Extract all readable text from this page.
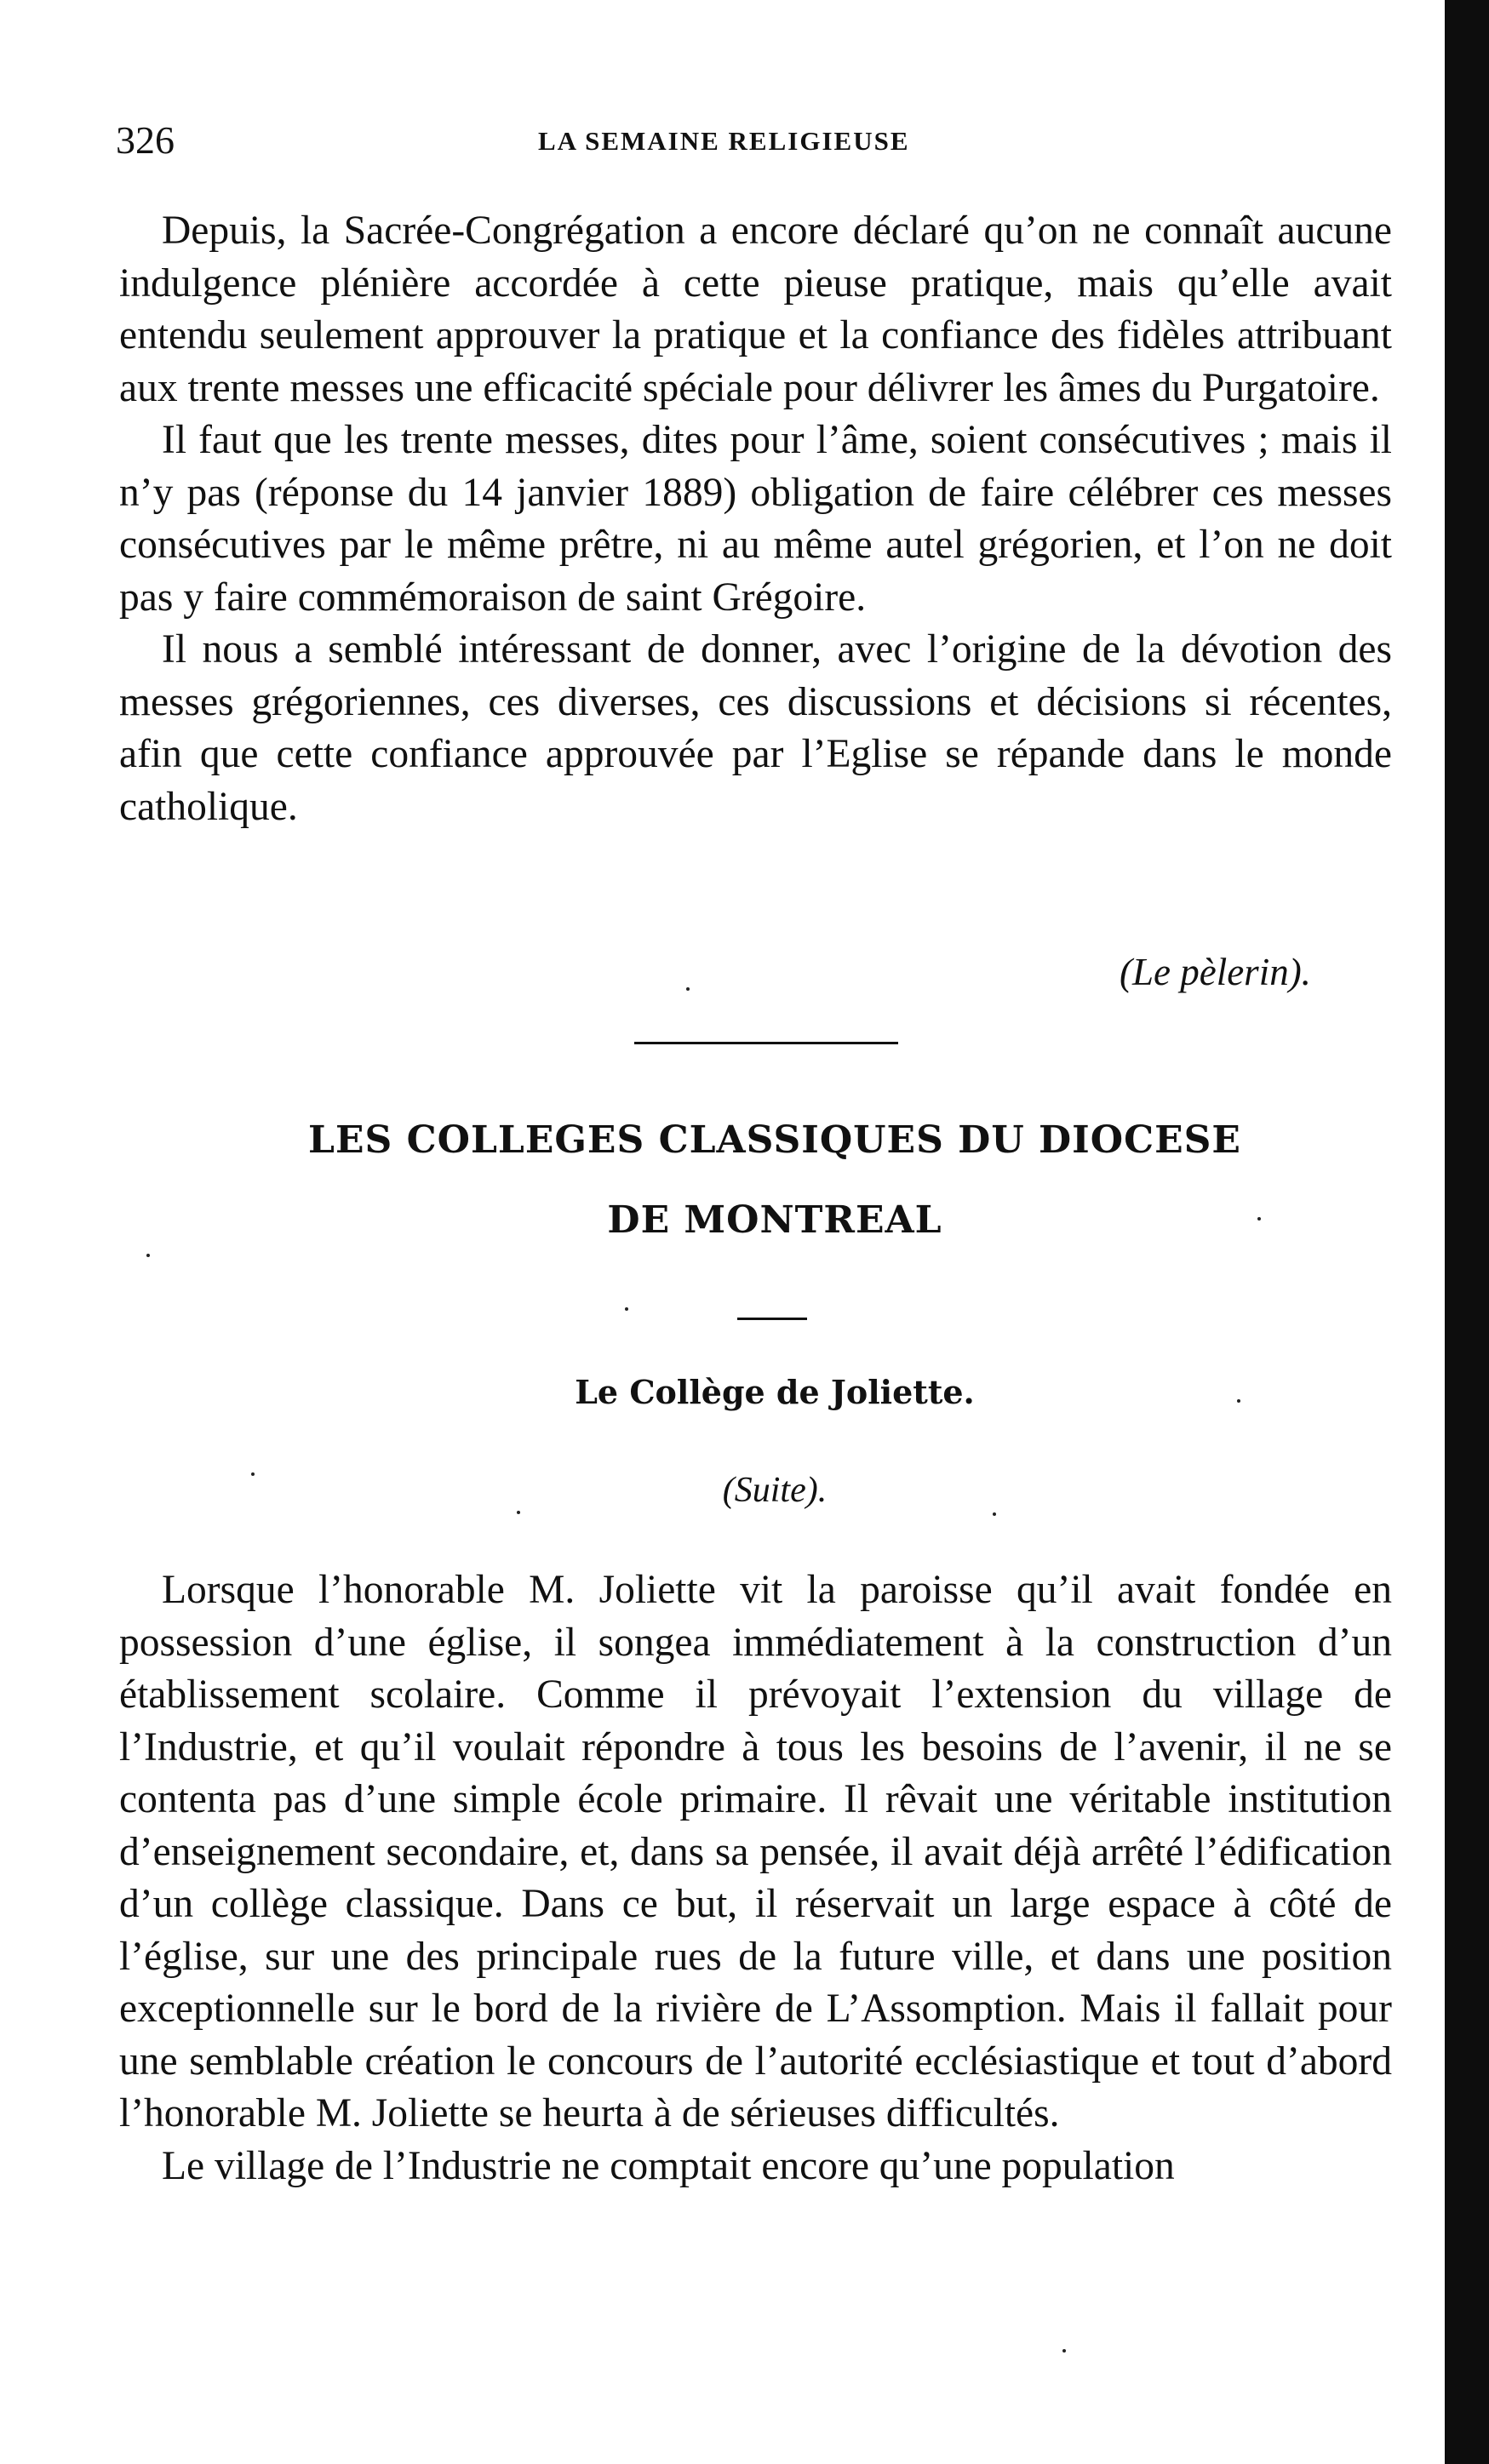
326	LA SEMAINE RELIGIEUSE

Depuis, la Sacrée-Congrégation a encore déclaré qu’on ne connaît aucune indulgence plénière accordée à cette pieuse pratique, mais qu’elle avait entendu seulement approuver la pratique et la confiance des fidèles attribuant aux trente messes une efficacité spéciale pour délivrer les âmes du Purgatoire.

Il faut que les trente messes, dites pour l’âme, soient consécutives ; mais il n’y pas (réponse du 14 janvier 1889) obligation de faire célébrer ces messes consécutives par le même prêtre, ni au même autel grégorien, et l’on ne doit pas y faire commémoraison de saint Grégoire.

Il nous a semblé intéressant de donner, avec l’origine de la dévotion des messes grégoriennes, ces diverses, ces discussions et décisions si récentes, afin que cette confiance approuvée par l’Eglise se répande dans le monde catholique.

(Le pèlerin).
LES COLLEGES CLASSIQUES DU DIOCESE
DE MONTREAL
Le Collège de Joliette.
(Suite).

Lorsque l’honorable M. Joliette vit la paroisse qu’il avait fondée en possession d’une église, il songea immédiatement à la construction d’un établissement scolaire. Comme il prévoyait l’extension du village de l’Industrie, et qu’il voulait répondre à tous les besoins de l’avenir, il ne se contenta pas d’une simple école primaire. Il rêvait une véritable institution d’enseignement secondaire, et, dans sa pensée, il avait déjà arrêté l’édification d’un collège classique. Dans ce but, il réservait un large espace à côté de l’église, sur une des principale rues de la future ville, et dans une position exceptionnelle sur le bord de la rivière de L’Assomption. Mais il fallait pour une semblable création le concours de l’autorité ecclésiastique et tout d’abord l’honorable M. Joliette se heurta à de sérieuses difficultés.

Le village de l’Industrie ne comptait encore qu’une population
